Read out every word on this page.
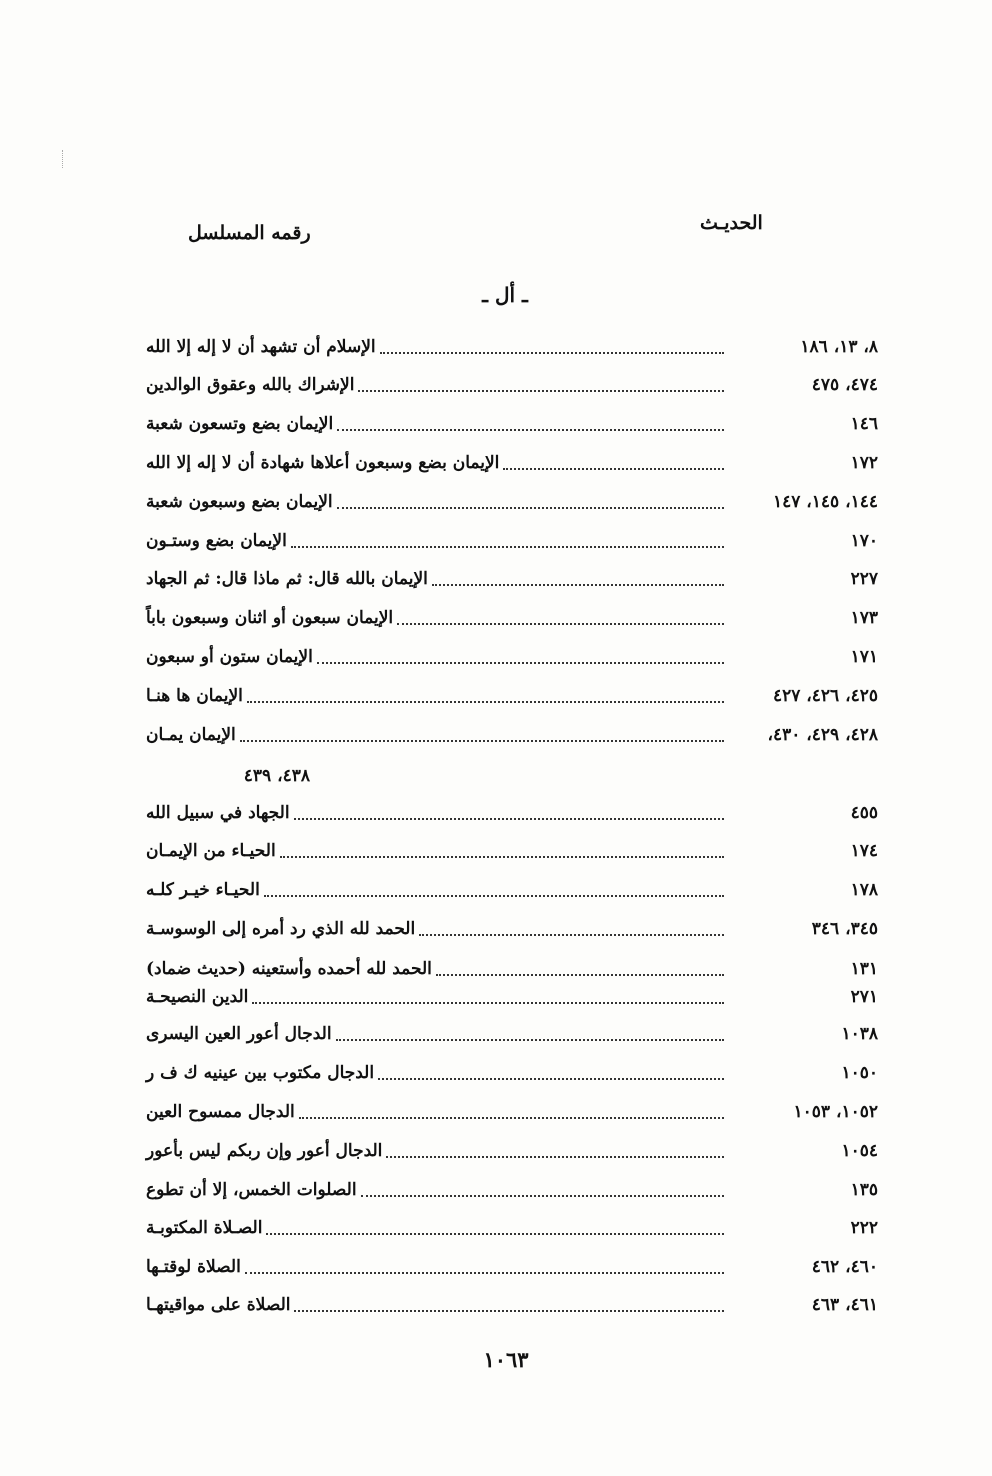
الحديـث
رقمه المسلسل
ـ أل ـ
الإسلام أن تشهد أن لا إله إلا الله	٨، ١٣، ١٨٦
الإشراك بالله وعقوق الوالدين	٤٧٤، ٤٧٥
الإيمان بضع وتسعون شعبة	١٤٦
الإيمان بضع وسبعون أعلاها شهادة أن لا إله إلا الله	١٧٢
الإيمان بضع وسبعون شعبة	١٤٤، ١٤٥، ١٤٧
الإيمان بضع وستـون	١٧٠
الإيمان بالله قال: ثم ماذا قال: ثم الجهاد	٢٢٧
الإيمان سبعون أو اثنان وسبعون باباً	١٧٣
الإيمان ستون أو سبعون	١٧١
الإيمان ها هنـا	٤٢٥، ٤٢٦، ٤٢٧
الإيمان يمـان	٤٢٨، ٤٢٩، ٤٣٠،
٤٣٨، ٤٣٩
الجهاد في سبيل الله	٤٥٥
الحيـاء من الإيمـان	١٧٤
الحيـاء خيـر كلـه	١٧٨
الحمد لله الذي رد أمره إلى الوسوسـة	٣٤٥، ٣٤٦
الحمد لله أحمده وأستعينه (حديث ضماد)	١٣١
الدين النصيحـة	٢٧١
الدجال أعور العين اليسرى	١٠٣٨
الدجال مكتوب بين عينيه ك ف ر	١٠٥٠
الدجال ممسوح العين	١٠٥٢، ١٠٥٣
الدجال أعور وإن ربكم ليس بأعور	١٠٥٤
الصلوات الخمس، إلا أن تطوع	١٣٥
الصـلاة المكتوبـة	٢٢٢
الصلاة لوقتـها	٤٦٠، ٤٦٢
الصلاة على مواقيتهـا	٤٦١، ٤٦٣
١٠٦٣
